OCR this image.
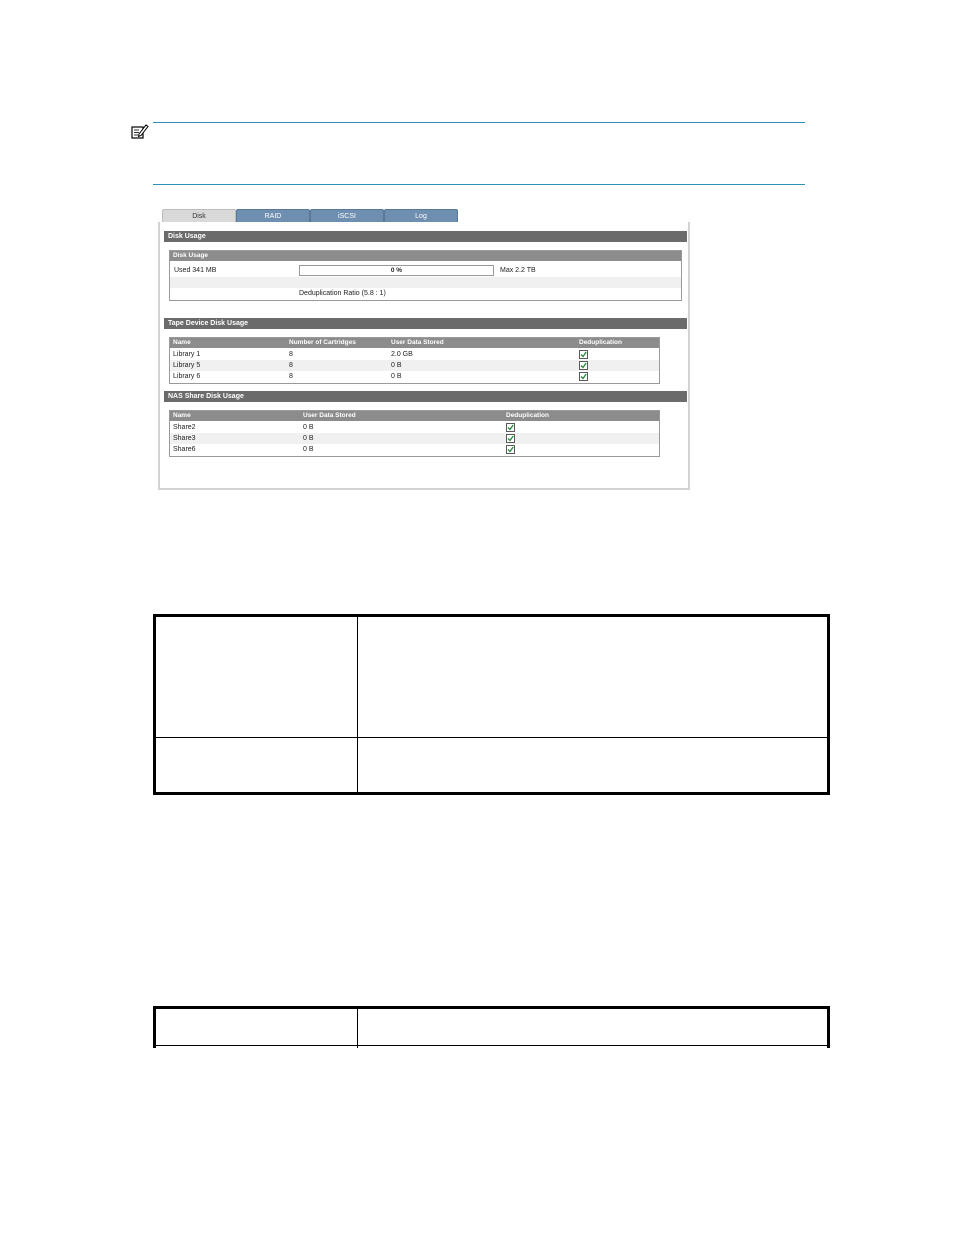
Disk	RAID	iSCSI	Log
Disk Usage
Disk Usage
Used 341 MB	0 %	Max 2.2 TB
Deduplication Ratio (5.8 : 1)
Tape Device Disk Usage
Name	Number of Cartridges	User Data Stored	Deduplication
Library 1	8	2.0 GB
Library 5	8	0 B
Library 6	8	0 B
NAS Share Disk Usage
Name	User Data Stored	Deduplication
Share2	0 B
Share3	0 B
Share6	0 B
